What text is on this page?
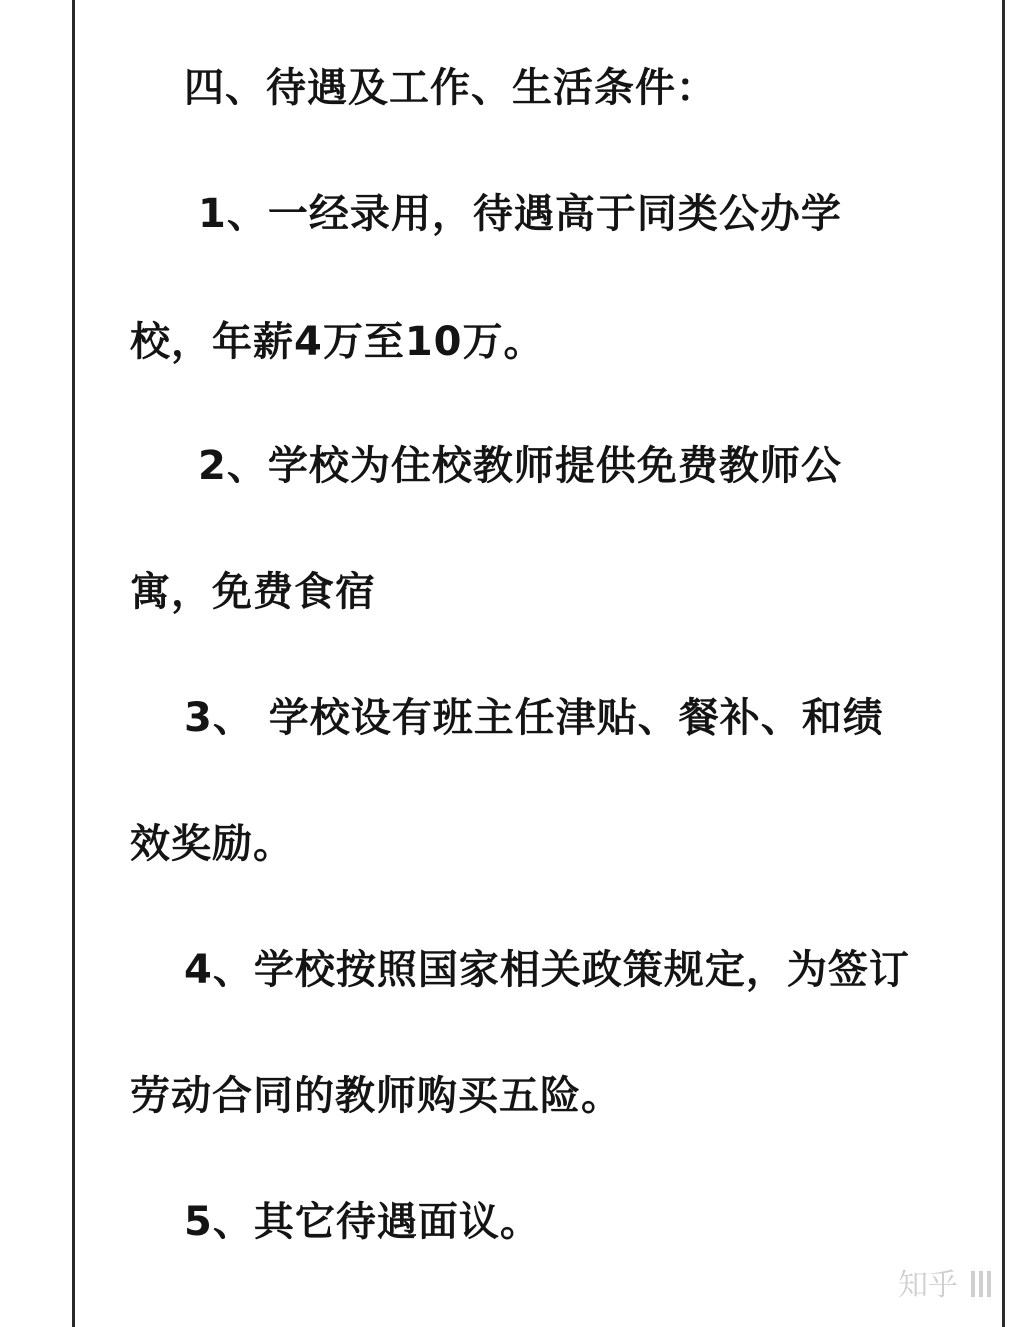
四、待遇及工作、生活条件：
1、一经录用，待遇高于同类公办学
校，年薪4万至10万。
2、学校为住校教师提供免费教师公
寓，免费食宿
3、 学校设有班主任津贴、餐补、和绩
效奖励。
4、学校按照国家相关政策规定，为签订
劳动合同的教师购买五险。
5、其它待遇面议。
知乎
